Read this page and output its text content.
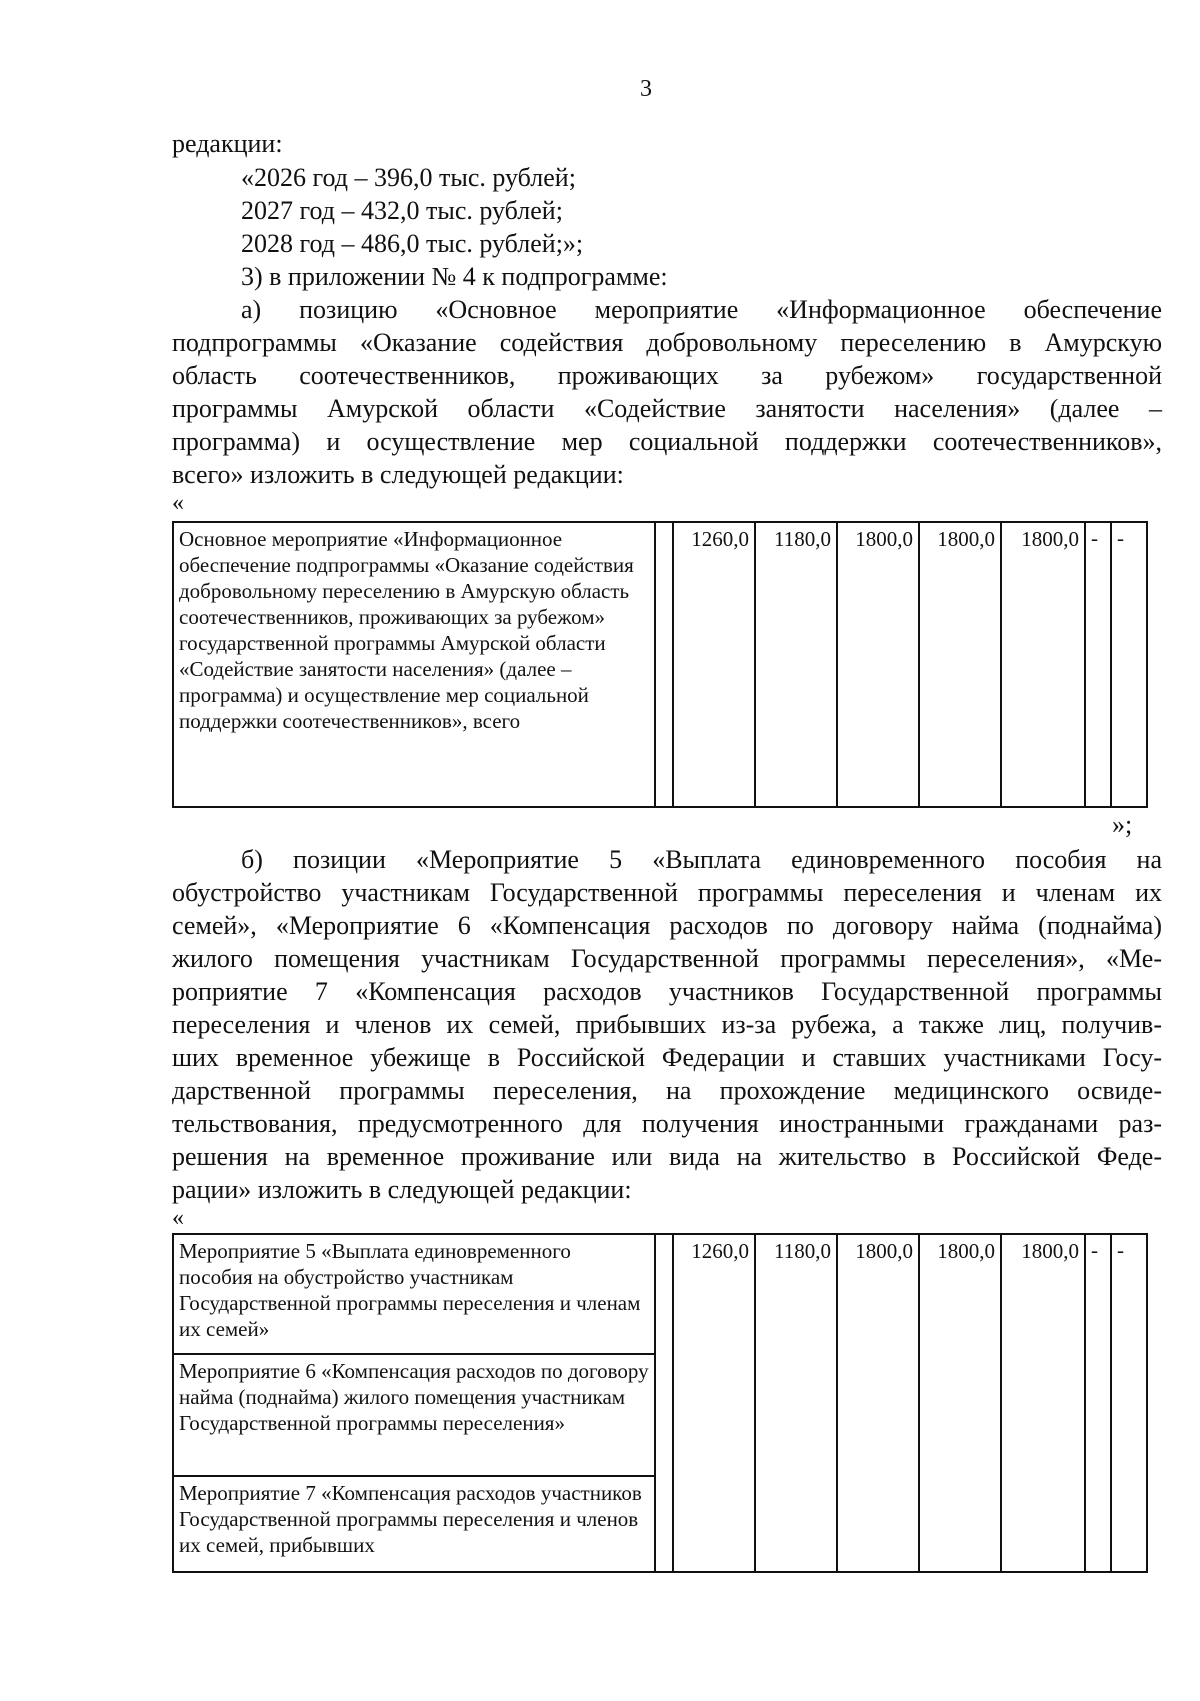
3
редакции:
«2026 год – 396,0 тыс. рублей;
2027 год – 432,0 тыс. рублей;
2028 год – 486,0 тыс. рублей;»;
3) в приложении № 4 к подпрограмме:
а) позицию «Основное мероприятие «Информационное обеспечение
подпрограммы «Оказание содействия добровольному переселению в Амурскую
область соотечественников, проживающих за рубежом» государственной
программы Амурской области «Содействие занятости населения» (далее –
программа) и осуществление мер социальной поддержки соотечественников»,
всего» изложить в следующей редакции:
«
Основное мероприятие «Информационное обеспечение подпрограммы «Оказание содействия добровольному переселению в Амурскую область соотечественников, проживающих за рубежом» государственной программы Амурской области «Содействие занятости населения» (далее – программа) и осуществление мер социальной поддержки соотечественников», всего		1260,0	1180,0	1800,0	1800,0	1800,0	-	-
»;
б) позиции «Мероприятие 5 «Выплата единовременного пособия на
обустройство участникам Государственной программы переселения и членам их
семей», «Мероприятие 6 «Компенсация расходов по договору найма (поднайма)
жилого помещения участникам Государственной программы переселения», «Ме-
роприятие 7 «Компенсация расходов участников Государственной программы
переселения и членов их семей, прибывших из-за рубежа, а также лиц, получив-
ших временное убежище в Российской Федерации и ставших участниками Госу-
дарственной программы переселения, на прохождение медицинского освиде-
тельствования, предусмотренного для получения иностранными гражданами раз-
решения на временное проживание или вида на жительство в Российской Феде-
рации» изложить в следующей редакции:
«
Мероприятие 5 «Выплата единовременного пособия на обустройство участникам Государственной программы переселения и членам их семей»		1260,0	1180,0	1800,0	1800,0	1800,0	-	-
Мероприятие 6 «Компенсация расходов по договору найма (поднайма) жилого помещения участникам Государственной программы переселения»
Мероприятие 7 «Компенсация расходов участников Государственной программы переселения и членов их семей, прибывших
